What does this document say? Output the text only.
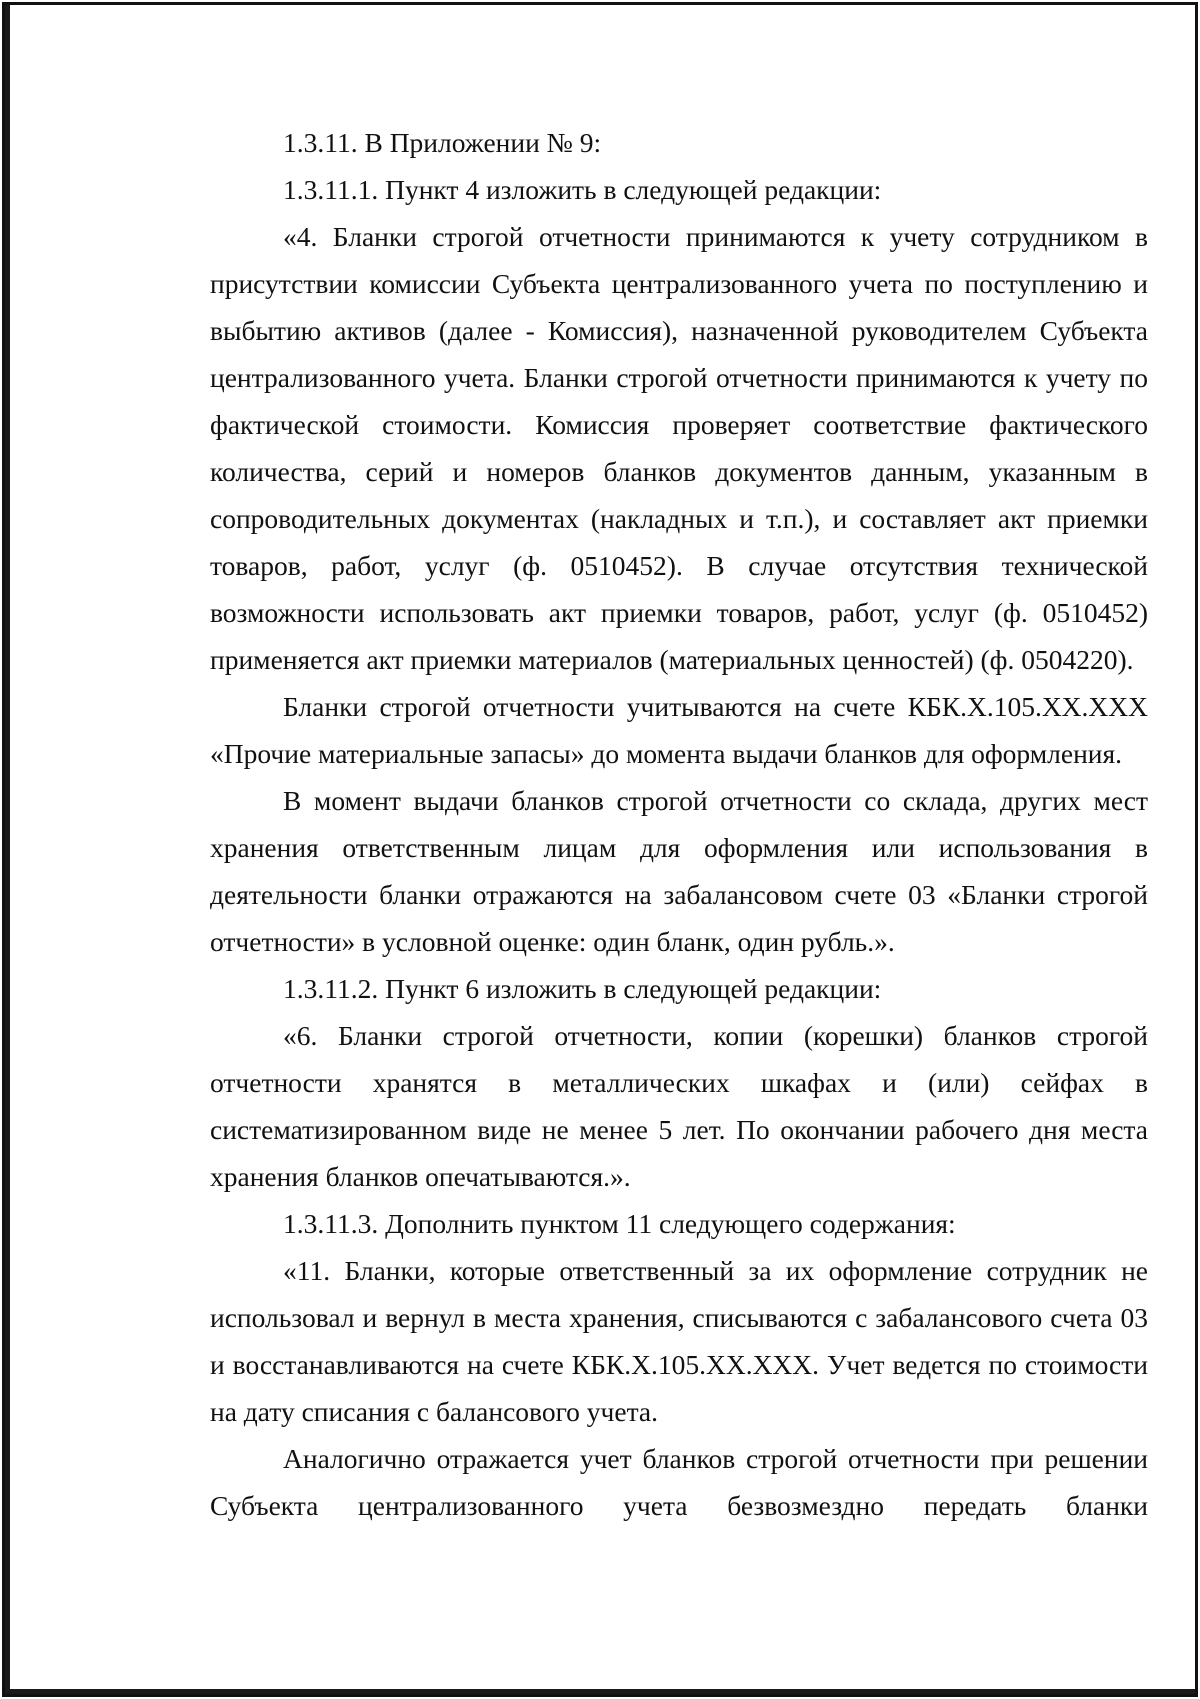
1.3.11. В Приложении № 9:

1.3.11.1. Пункт 4 изложить в следующей редакции:

«4. Бланки строгой отчетности принимаются к учету сотрудником в присутствии комиссии Субъекта централизованного учета по поступлению и выбытию активов (далее - Комиссия), назначенной руководителем Субъекта централизованного учета. Бланки строгой отчетности принимаются к учету по фактической стоимости. Комиссия проверяет соответствие фактического количества, серий и номеров бланков документов данным, указанным в сопроводительных документах (накладных и т.п.), и составляет акт приемки товаров, работ, услуг (ф. 0510452). В случае отсутствия технической возможности использовать акт приемки товаров, работ, услуг (ф. 0510452) применяется акт приемки материалов (материальных ценностей) (ф. 0504220).

Бланки строгой отчетности учитываются на счете КБК.Х.105.ХХ.ХХХ «Прочие материальные запасы» до момента выдачи бланков для оформления.

В момент выдачи бланков строгой отчетности со склада, других мест хранения ответственным лицам для оформления или использования в деятельности бланки отражаются на забалансовом счете 03 «Бланки строгой отчетности» в условной оценке: один бланк, один рубль.».

1.3.11.2. Пункт 6 изложить в следующей редакции:

«6. Бланки строгой отчетности, копии (корешки) бланков строгой отчетности хранятся в металлических шкафах и (или) сейфах в систематизированном виде не менее 5 лет. По окончании рабочего дня места хранения бланков опечатываются.».

1.3.11.3. Дополнить пунктом 11 следующего содержания:

«11. Бланки, которые ответственный за их оформление сотрудник не использовал и вернул в места хранения, списываются с забалансового счета 03 и восстанавливаются на счете КБК.Х.105.ХХ.ХХХ. Учет ведется по стоимости на дату списания с балансового учета.

Аналогично отражается учет бланков строгой отчетности при решении Субъекта централизованного учета безвозмездно передать бланки
